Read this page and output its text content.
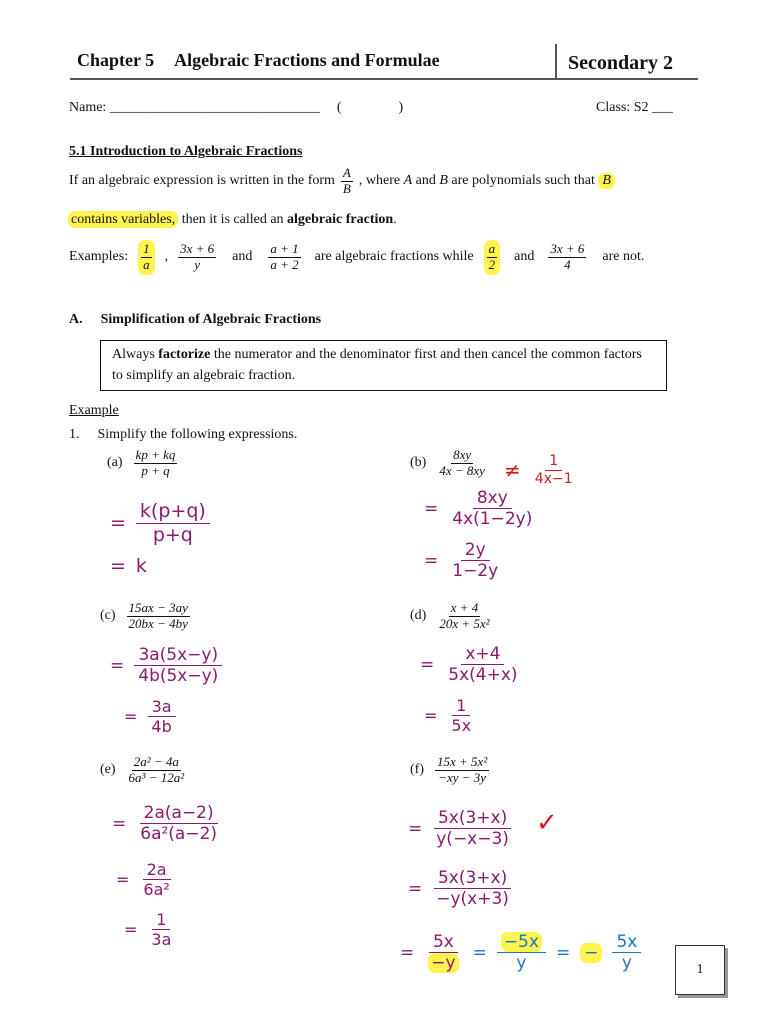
Chapter 5 Algebraic Fractions and Formulae	Secondary 2
Name: ______________________________ (	)	Class: S2 ___
5.1 Introduction to Algebraic Fractions
If an algebraic expression is written in the form $\frac{A}{B}$ , where
A
and
B
are polynomials such that
B
contains variables, then it is called an algebraic fraction.
Examples: $\frac{1}{a}$ , $\frac{3x + 6}{y}$ and $\frac{a + 1}{a + 2}$ are algebraic fractions while $\frac{a}{2}$ and $\frac{3x + 6}{4}$ are not.
A. Simplification of Algebraic Fractions
Always factorize the numerator and the denominator first and then cancel the common factors to simplify an algebraic fraction.
Example
1. Simplify the following expressions.
$(a) \frac{kp + kq}{p + q}$	$(b) \frac{8xy}{4x - 8xy}$
$(c) \frac{15ax - 3ay}{20bx - 4by}$	$(d) \frac{x + 4}{\text{20x + 5x²}}$
$(e) \frac{\text{2a² − 4a}}{\text{6a³ − 12a²}}$	$(f) \frac{\text{15x + 5x²}}{-xy - 3y}$
= $\frac{k(p+q)}{p+q}$
= k
≠ 1
4x−1
= $\frac{8xy}{4x(1-2y)}$
= $\frac{2y}{1-2y}$
= $\frac{3a(5x-y)}{4b(5x-y)}$
= $\frac{3a}{4b}$
= $\frac{x+4}{5x(4+x)}$
= $\frac{1}{5x}$
= $\frac{2a(a-2)}{\text{6a²(a−2)}}$
= $\frac{2a}{\text{6a²}}$
= $\frac{1}{3a}$
= $\frac{5x(3+x)}{y(-x-3)}$ ✓
= $\frac{5x(3+x)}{-y(x+3)}$
= $\frac{5x}{-y} = \frac{-5x}{y}$ = − $\frac{5x}{y}$	1
